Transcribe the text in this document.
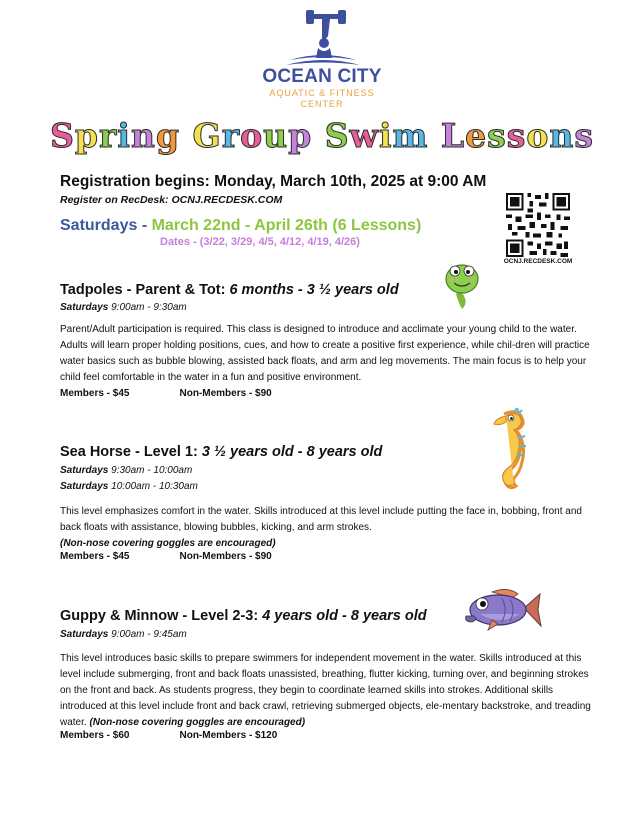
OCEAN CITY
AQUATIC & FITNESS
CENTER
Spring Group Swim Lessons
Registration begins: Monday, March 10th, 2025 at 9:00 AM
Register on RecDesk: OCNJ.RECDESK.COM
Saturdays - March 22nd - April 26th (6 Lessons)
Dates - (3/22, 3/29, 4/5, 4/12, 4/19, 4/26)
OCNJ.RECDESK.COM
Tadpoles - Parent & Tot: 6 months - 3 ½ years old
Saturdays 9:00am - 9:30am
Parent/Adult participation is required. This class is designed to introduce and acclimate your young child to the water. Adults will learn proper holding positions, cues, and how to create a positive first experience, while chil-dren will practice water basics such as bubble blowing, assisted back floats, and arm and leg movements. The main focus is to help your child feel comfortable in the water in a fun and positive environment.
Members - $45	Non-Members - $90
Sea Horse - Level 1: 3 ½ years old - 8 years old
Saturdays 9:30am - 10:00am
Saturdays 10:00am - 10:30am
This level emphasizes comfort in the water. Skills introduced at this level include putting the face in, bobbing, front and back floats with assistance, blowing bubbles, kicking, and arm strokes.
(Non-nose covering goggles are encouraged)
Members - $45	Non-Members - $90
Guppy & Minnow - Level 2-3: 4 years old - 8 years old
Saturdays 9:00am - 9:45am
This level introduces basic skills to prepare swimmers for independent movement in the water. Skills introduced at this level include submerging, front and back floats unassisted, breathing, flutter kicking, turning over, and beginning strokes on the front and back. As students progress, they begin to coordinate learned skills into strokes. Additional skills introduced at this level include front and back crawl, retrieving submerged objects, ele-mentary backstroke, and treading water. (Non-nose covering goggles are encouraged)
Members - $60	Non-Members - $120
